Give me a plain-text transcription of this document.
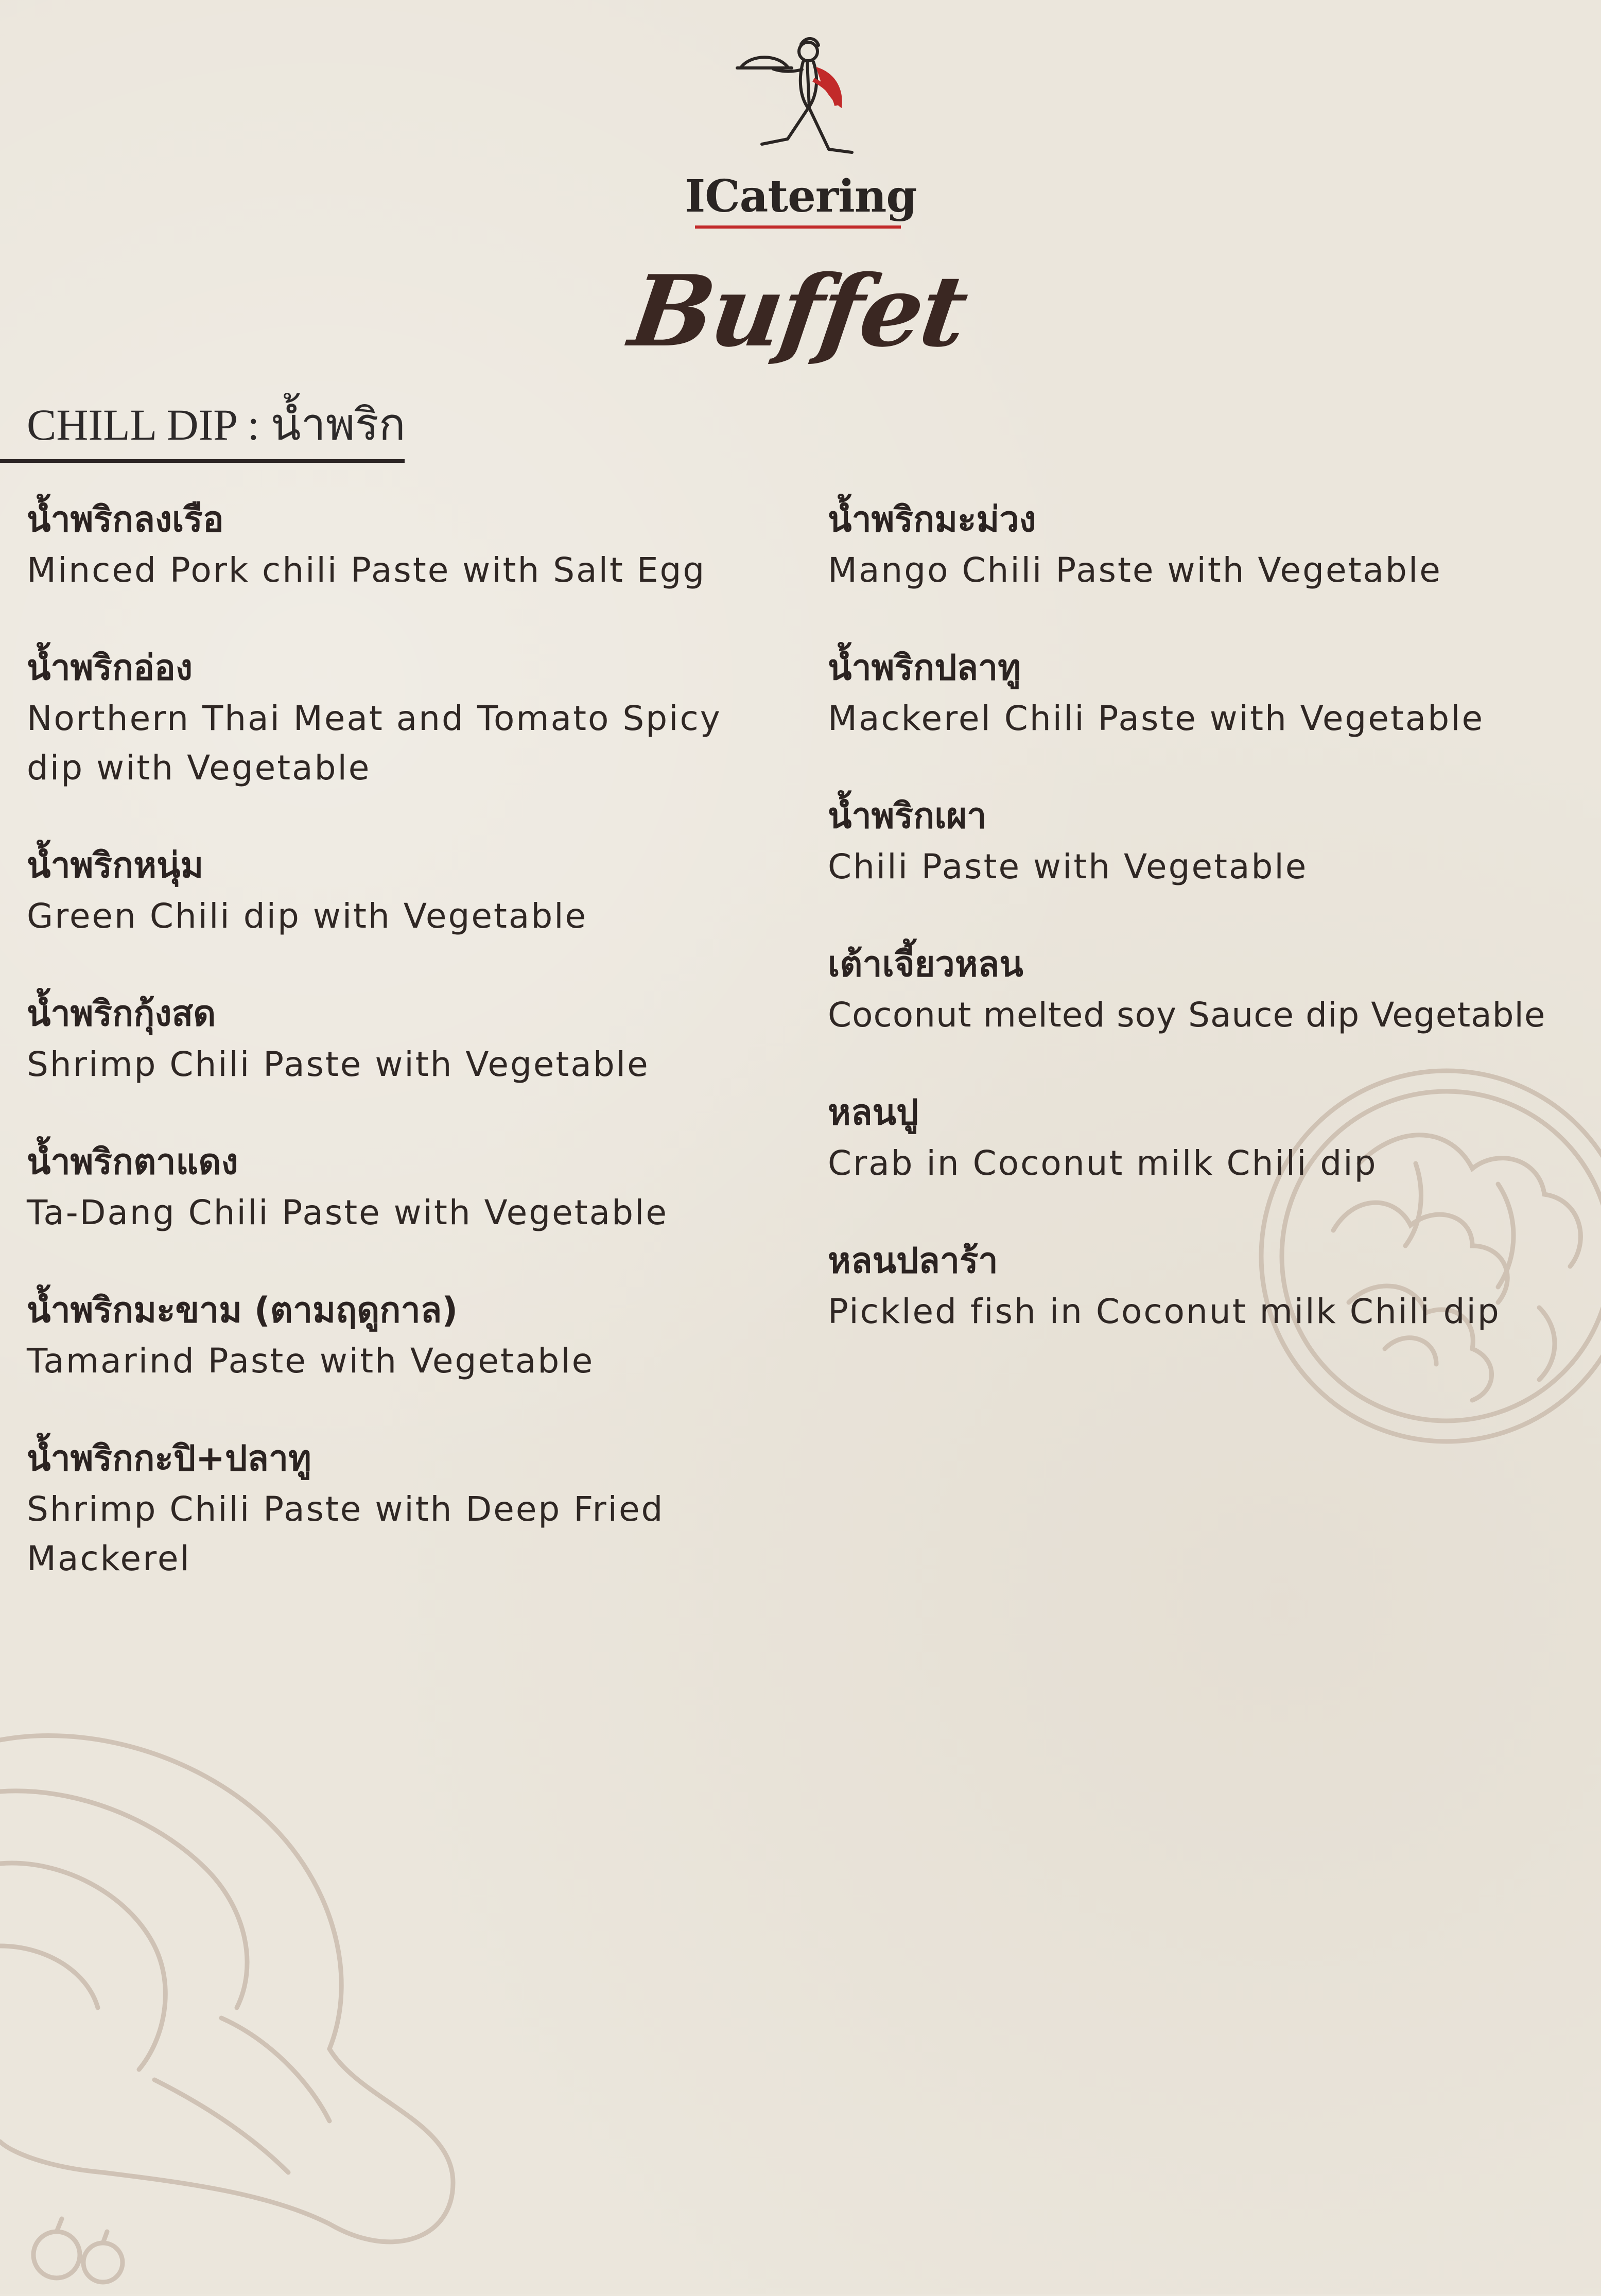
ICatering
Buffet
CHILL DIP : น้ำพริก
น้ำพริกลงเรือ
Minced Pork chili Paste with Salt Egg
น้ำพริกอ่อง
Northern Thai Meat and Tomato Spicy dip with Vegetable
น้ำพริกหนุ่ม
Green Chili dip with Vegetable
น้ำพริกกุ้งสด
Shrimp Chili Paste with Vegetable
น้ำพริกตาแดง
Ta-Dang Chili Paste with Vegetable
น้ำพริกมะขาม (ตามฤดูกาล)
Tamarind Paste with Vegetable
น้ำพริกกะปิ+ปลาทู
Shrimp Chili Paste with Deep Fried Mackerel
น้ำพริกมะม่วง
Mango Chili Paste with Vegetable
น้ำพริกปลาทู
Mackerel Chili Paste with Vegetable
น้ำพริกเผา
Chili Paste with Vegetable
เต้าเจี้ยวหลน
Coconut melted soy Sauce dip Vegetable
หลนปู
Crab in Coconut milk Chili dip
หลนปลาร้า
Pickled fish in Coconut milk Chili dip
